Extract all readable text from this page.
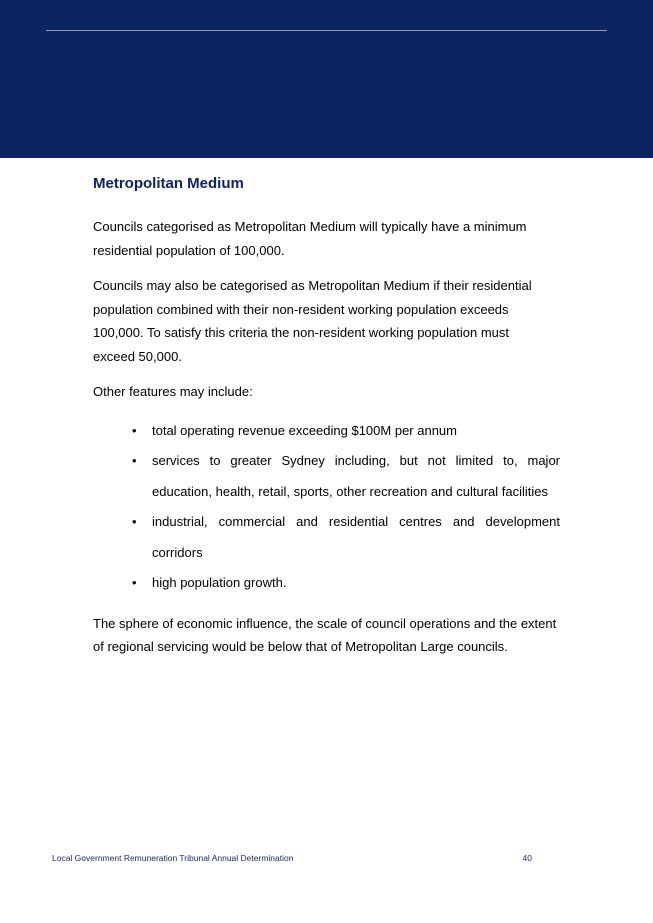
Metropolitan Medium

Councils categorised as Metropolitan Medium will typically have a minimum residential population of 100,000.

Councils may also be categorised as Metropolitan Medium if their residential population combined with their non-resident working population exceeds 100,000. To satisfy this criteria the non-resident working population must exceed 50,000.

Other features may include:

• total operating revenue exceeding $100M per annum
• services to greater Sydney including, but not limited to, major education, health, retail, sports, other recreation and cultural facilities
• industrial, commercial and residential centres and development corridors
• high population growth.

The sphere of economic influence, the scale of council operations and the extent of regional servicing would be below that of Metropolitan Large councils.

Local Government Remuneration Tribunal Annual Determination	40
